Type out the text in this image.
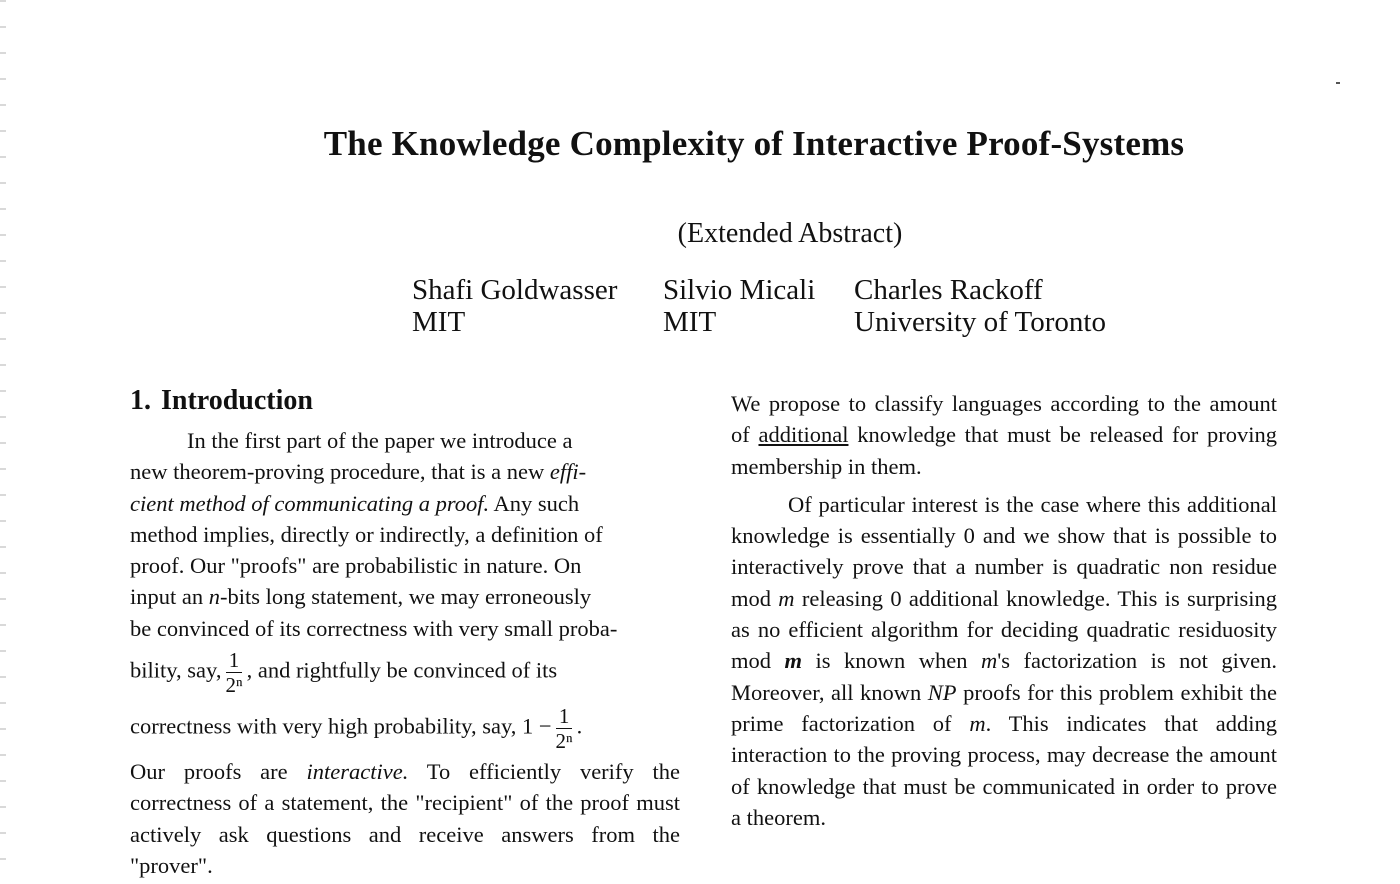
The Knowledge Complexity of Interactive Proof-Systems
(Extended Abstract)
Shafi Goldwasser
MIT
Silvio Micali
MIT
Charles Rackoff
University of Toronto
1. Introduction

In the first part of the paper we introduce a

new theorem-proving procedure, that is a new effi-

cient method of communicating a proof. Any such

method implies, directly or indirectly, a definition of

proof. Our "proofs" are probabilistic in nature. On

input an n-bits long statement, we may erroneously

be convinced of its correctness with very small proba-

bility, say, $\frac{1}{\text{2ⁿ}}$ , and rightfully be convinced of its
correctness with very high probability, say, $1 - \frac{1}{\text{2ⁿ}}$ .

Our proofs are interactive. To efficiently verify the correctness of a statement, the "recipient" of the proof must actively ask questions and receive answers from the "prover".

We propose to classify languages according to the amount of additional knowledge that must be released for proving membership in them.

Of particular interest is the case where this additional knowledge is essentially 0 and we show that is possible to interactively prove that a number is quadratic non residue mod m releasing 0 additional knowledge. This is surprising as no efficient algorithm for deciding quadratic residuosity mod m is known when m's factorization is not given. Moreover, all known NP proofs for this problem exhibit the prime factorization of m. This indicates that adding interaction to the proving process, may decrease the amount of knowledge that must be communicated in order to prove a theorem.
